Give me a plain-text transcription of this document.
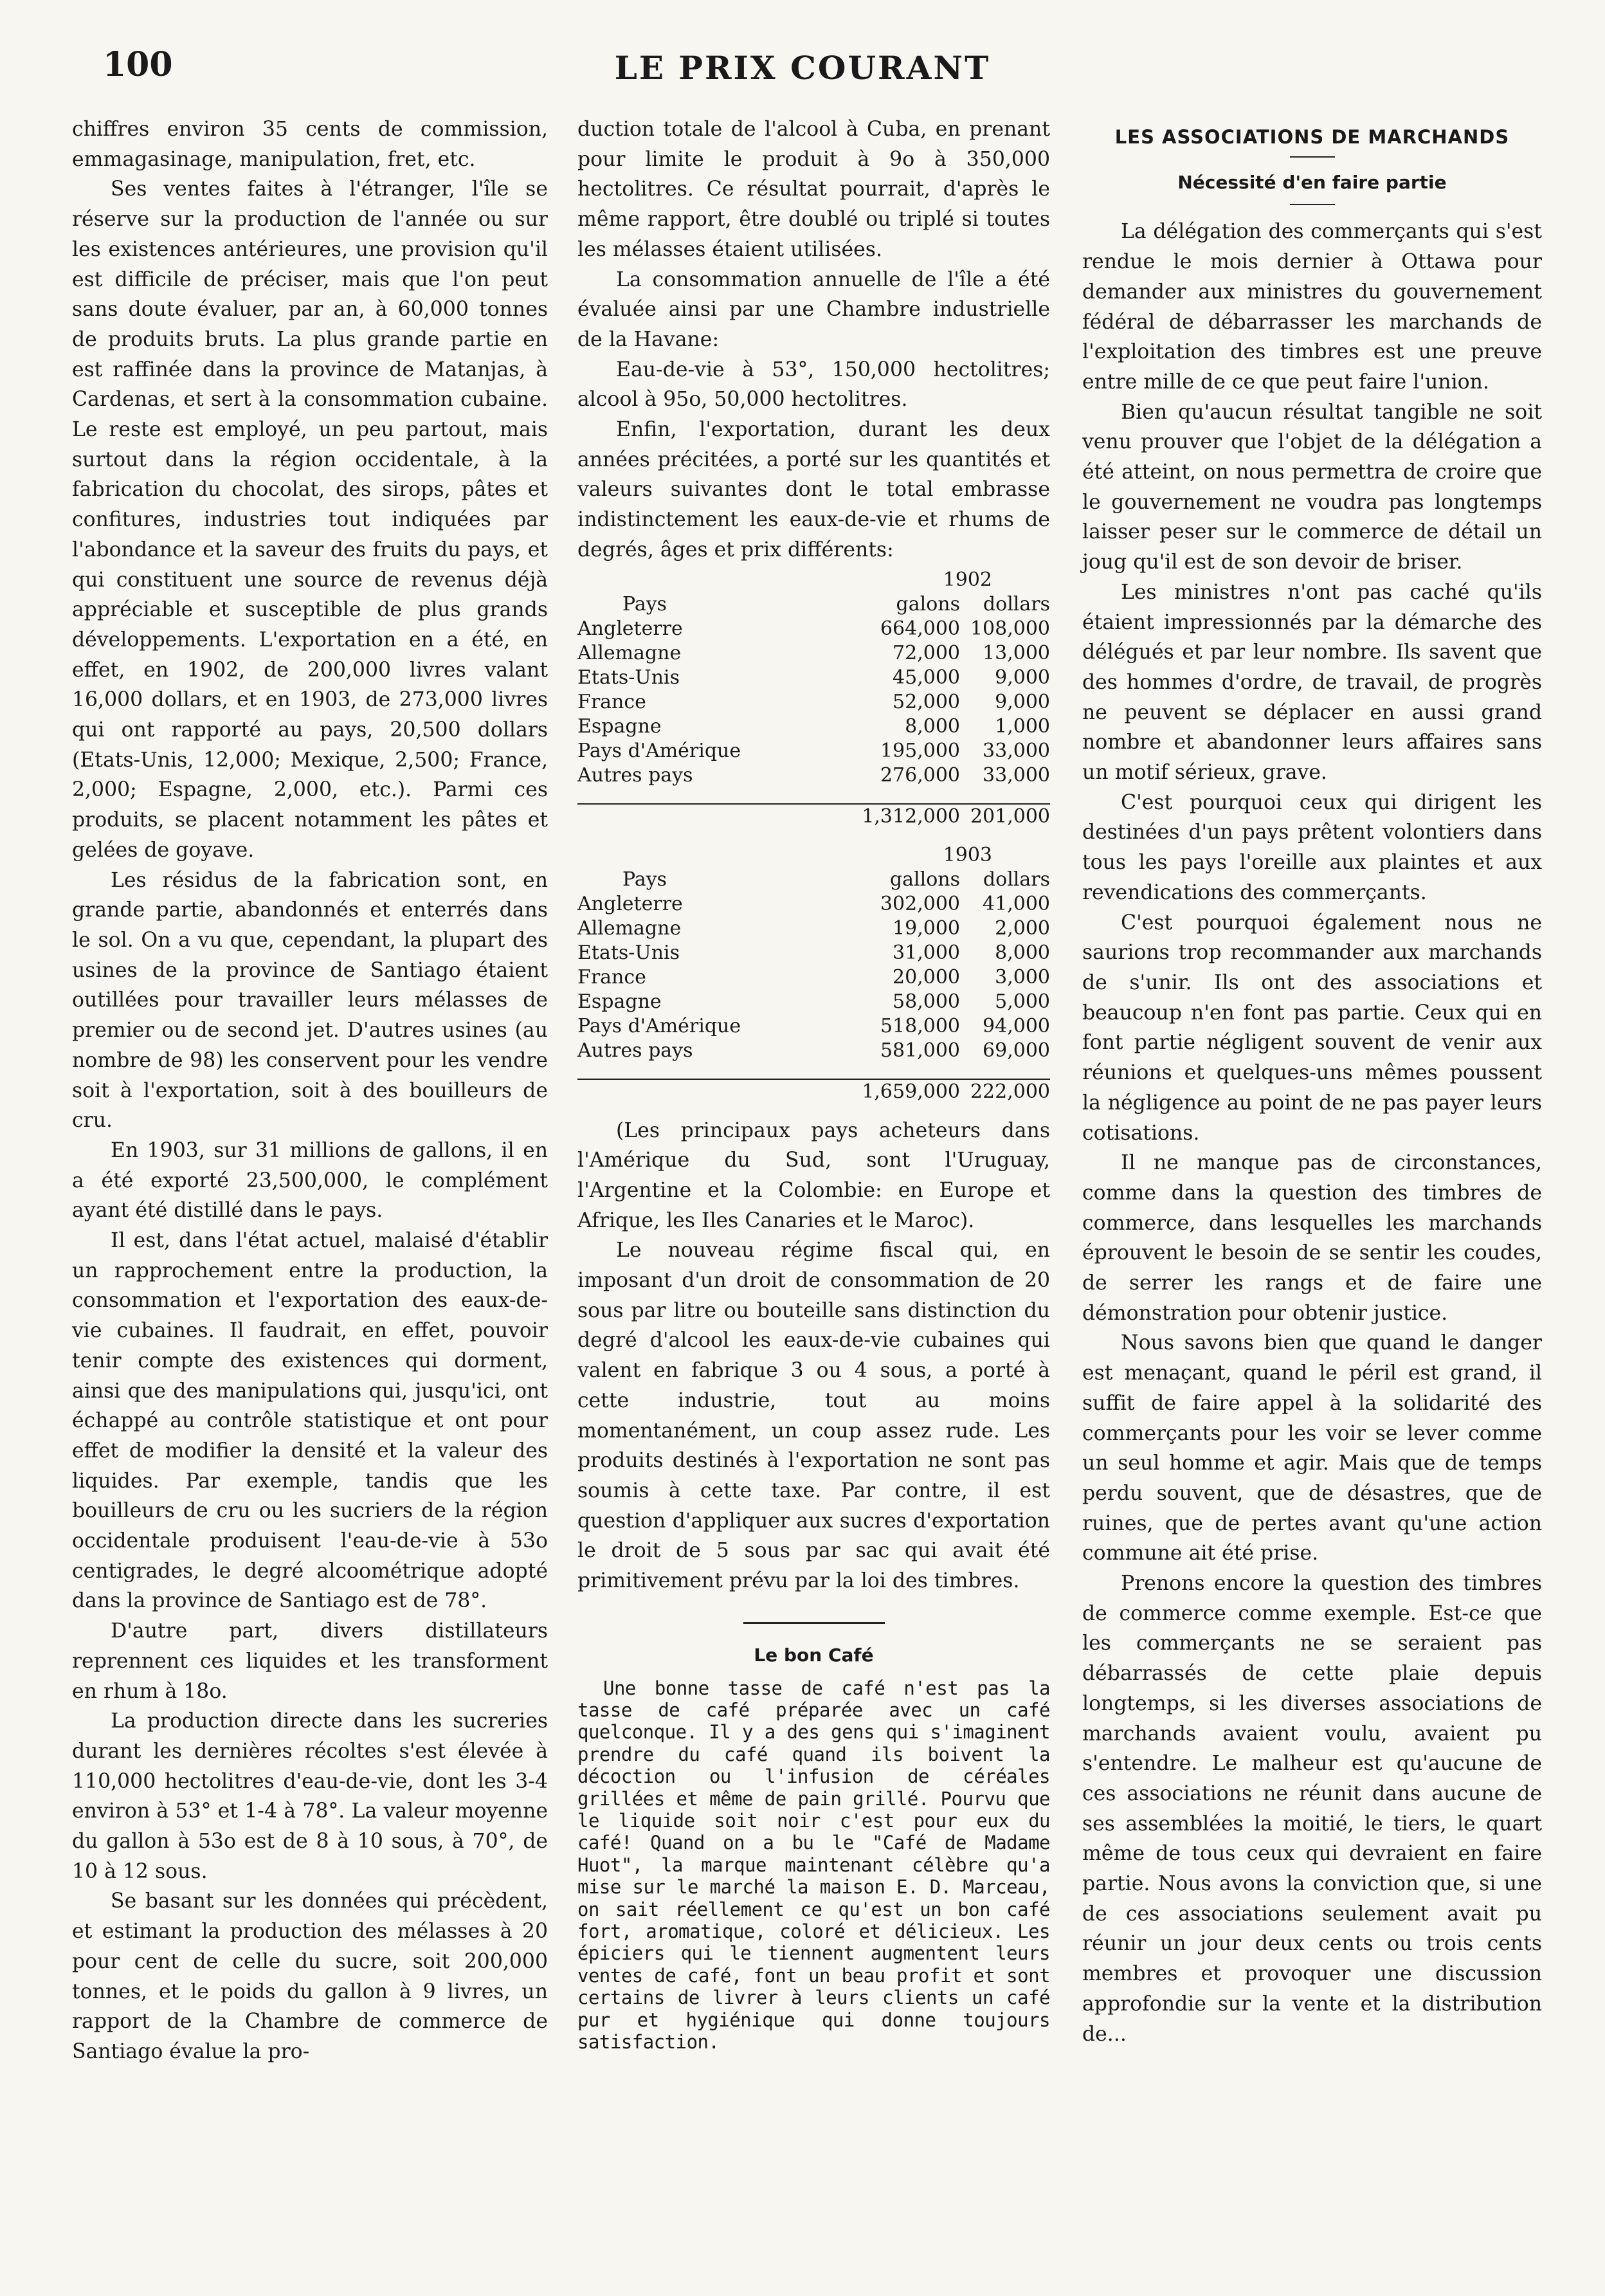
100	LE PRIX COURANT

chiffres environ 35 cents de commission, emmagasinage, manipulation, fret, etc.

Ses ventes faites à l'étranger, l'île se réserve sur la production de l'année ou sur les existences antérieures, une provision qu'il est difficile de préciser, mais que l'on peut sans doute évaluer, par an, à 60,000 tonnes de produits bruts. La plus grande partie en est raffinée dans la province de Matanjas, à Cardenas, et sert à la consommation cubaine. Le reste est employé, un peu partout, mais surtout dans la région occidentale, à la fabrication du chocolat, des sirops, pâtes et confitures, industries tout indiquées par l'abondance et la saveur des fruits du pays, et qui constituent une source de revenus déjà appréciable et susceptible de plus grands développements. L'exportation en a été, en effet, en 1902, de 200,000 livres valant 16,000 dollars, et en 1903, de 273,000 livres qui ont rapporté au pays, 20,500 dollars (Etats-Unis, 12,000; Mexique, 2,500; France, 2,000; Espagne, 2,000, etc.). Parmi ces produits, se placent notamment les pâtes et gelées de goyave.

Les résidus de la fabrication sont, en grande partie, abandonnés et enterrés dans le sol. On a vu que, cependant, la plupart des usines de la province de Santiago étaient outillées pour travailler leurs mélasses de premier ou de second jet. D'autres usines (au nombre de 98) les conservent pour les vendre soit à l'exportation, soit à des bouilleurs de cru.

En 1903, sur 31 millions de gallons, il en a été exporté 23,500,000, le complément ayant été distillé dans le pays.

Il est, dans l'état actuel, malaisé d'établir un rapprochement entre la production, la consommation et l'exportation des eaux-de-vie cubaines. Il faudrait, en effet, pouvoir tenir compte des existences qui dorment, ainsi que des manipulations qui, jusqu'ici, ont échappé au contrôle statistique et ont pour effet de modifier la densité et la valeur des liquides. Par exemple, tandis que les bouilleurs de cru ou les sucriers de la région occidentale produisent l'eau-de-vie à 53o centigrades, le degré alcoométrique adopté dans la province de Santiago est de 78°.

D'autre part, divers distillateurs reprennent ces liquides et les transforment en rhum à 18o.

La production directe dans les sucreries durant les dernières récoltes s'est élevée à 110,000 hectolitres d'eau-de-vie, dont les 3-4 environ à 53° et 1-4 à 78°. La valeur moyenne du gallon à 53o est de 8 à 10 sous, à 70°, de 10 à 12 sous.

Se basant sur les données qui précèdent, et estimant la production des mélasses à 20 pour cent de celle du sucre, soit 200,000 tonnes, et le poids du gallon à 9 livres, un rapport de la Chambre de commerce de Santiago évalue la pro-

duction totale de l'alcool à Cuba, en prenant pour limite le produit à 9o à 350,000 hectolitres. Ce résultat pourrait, d'après le même rapport, être doublé ou triplé si toutes les mélasses étaient utilisées.

La consommation annuelle de l'île a été évaluée ainsi par une Chambre industrielle de la Havane:

Eau-de-vie à 53°, 150,000 hectolitres; alcool à 95o, 50,000 hectolitres.

Enfin, l'exportation, durant les deux années précitées, a porté sur les quantités et valeurs suivantes dont le total embrasse indistinctement les eaux-de-vie et rhums de degrés, âges et prix différents:

	1902	
Pays	galons	dollars
Angleterre	664,000	108,000
Allemagne	72,000	13,000
Etats-Unis	45,000	9,000
France	52,000	9,000
Espagne	8,000	1,000
Pays d'Amérique	195,000	33,000
Autres pays	276,000	33,000

	1,312,000	201,000
	1903	
Pays	gallons	dollars
Angleterre	302,000	41,000
Allemagne	19,000	2,000
Etats-Unis	31,000	8,000
France	20,000	3,000
Espagne	58,000	5,000
Pays d'Amérique	518,000	94,000
Autres pays	581,000	69,000

	1,659,000	222,000

(Les principaux pays acheteurs dans l'Amérique du Sud, sont l'Uruguay, l'Argentine et la Colombie: en Europe et Afrique, les Iles Canaries et le Maroc).

Le nouveau régime fiscal qui, en imposant d'un droit de consommation de 20 sous par litre ou bouteille sans distinction du degré d'alcool les eaux-de-vie cubaines qui valent en fabrique 3 ou 4 sous, a porté à cette industrie, tout au moins momentanément, un coup assez rude. Les produits destinés à l'exportation ne sont pas soumis à cette taxe. Par contre, il est question d'appliquer aux sucres d'exportation le droit de 5 sous par sac qui avait été primitivement prévu par la loi des timbres.

Le bon Café

Une bonne tasse de café n'est pas la tasse de café préparée avec un café quelconque. Il y a des gens qui s'imaginent prendre du café quand ils boivent la décoction ou l'infusion de céréales grillées et même de pain grillé. Pourvu que le liquide soit noir c'est pour eux du café! Quand on a bu le "Café de Madame Huot", la marque maintenant célèbre qu'a mise sur le marché la maison E. D. Marceau, on sait réellement ce qu'est un bon café fort, aromatique, coloré et délicieux. Les épiciers qui le tiennent augmentent leurs ventes de café, font un beau profit et sont certains de livrer à leurs clients un café pur et hygiénique qui donne toujours satisfaction.

LES ASSOCIATIONS DE MARCHANDS
Nécessité d'en faire partie

La délégation des commerçants qui s'est rendue le mois dernier à Ottawa pour demander aux ministres du gouvernement fédéral de débarrasser les marchands de l'exploitation des timbres est une preuve entre mille de ce que peut faire l'union.

Bien qu'aucun résultat tangible ne soit venu prouver que l'objet de la délégation a été atteint, on nous permettra de croire que le gouvernement ne voudra pas longtemps laisser peser sur le commerce de détail un joug qu'il est de son devoir de briser.

Les ministres n'ont pas caché qu'ils étaient impressionnés par la démarche des délégués et par leur nombre. Ils savent que des hommes d'ordre, de travail, de progrès ne peuvent se déplacer en aussi grand nombre et abandonner leurs affaires sans un motif sérieux, grave.

C'est pourquoi ceux qui dirigent les destinées d'un pays prêtent volontiers dans tous les pays l'oreille aux plaintes et aux revendications des commerçants.

C'est pourquoi également nous ne saurions trop recommander aux marchands de s'unir. Ils ont des associations et beaucoup n'en font pas partie. Ceux qui en font partie négligent souvent de venir aux réunions et quelques-uns mêmes poussent la négligence au point de ne pas payer leurs cotisations.

Il ne manque pas de circonstances, comme dans la question des timbres de commerce, dans lesquelles les marchands éprouvent le besoin de se sentir les coudes, de serrer les rangs et de faire une démonstration pour obtenir justice.

Nous savons bien que quand le danger est menaçant, quand le péril est grand, il suffit de faire appel à la solidarité des commerçants pour les voir se lever comme un seul homme et agir. Mais que de temps perdu souvent, que de désastres, que de ruines, que de pertes avant qu'une action commune ait été prise.

Prenons encore la question des timbres de commerce comme exemple. Est-ce que les commerçants ne se seraient pas débarrassés de cette plaie depuis longtemps, si les diverses associations de marchands avaient voulu, avaient pu s'entendre. Le malheur est qu'aucune de ces associations ne réunit dans aucune de ses assemblées la moitié, le tiers, le quart même de tous ceux qui devraient en faire partie. Nous avons la conviction que, si une de ces associations seulement avait pu réunir un jour deux cents ou trois cents membres et provoquer une discussion approfondie sur la vente et la distribution de...
